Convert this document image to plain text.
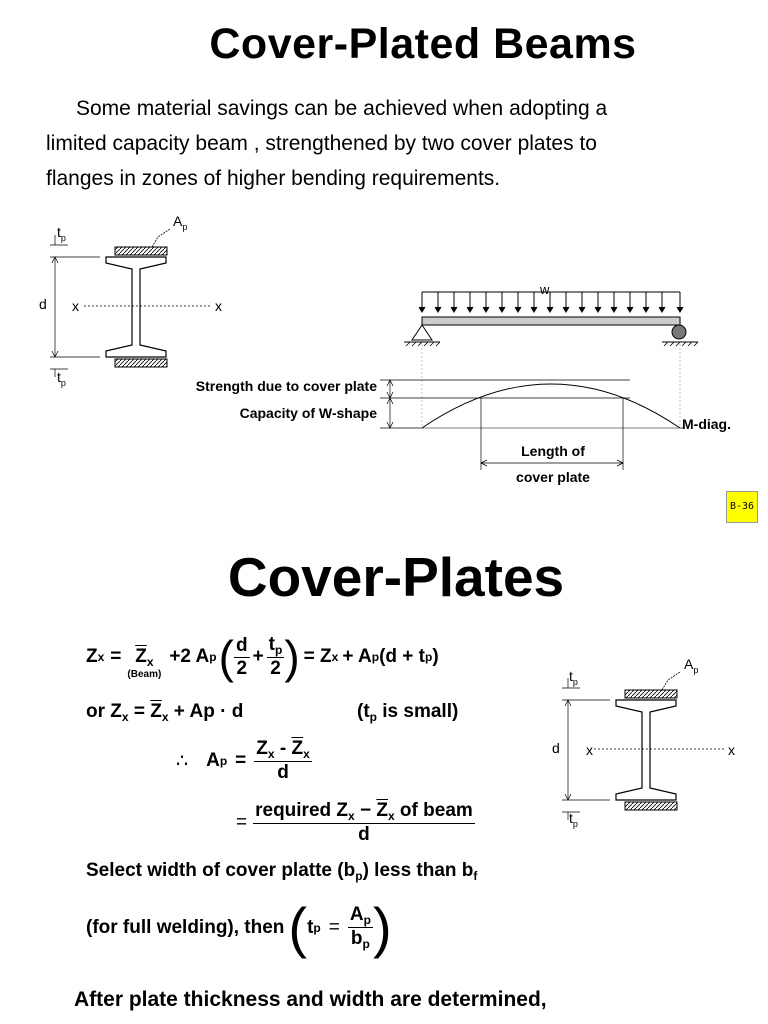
Cover-Plated Beams
Some material savings can be achieved when adopting a
limited capacity beam , strengthened by two cover plates to
flanges in zones of higher bending requirements.
$A_p$
$t_p$
d x	x
$t_p$
w
Strength due to cover plate
Capacity of W-shape
M-diag.
Length of
cover plate
B-36
Cover-Plates
Z $x = \overline{Z}_x$
(Beam)
+2 A p ( $\frac{d}{2} + \frac{t_p}{2}$ ) = Z x + A p (d + t p )
or $Z_x = \overline{Z}_x + Ap \cdot d$	($t_p$ is small)
∴ A $p = \frac{Z_x - \overline{Z}_x}{d}$
= $\frac{required Z_x - \overline{Z}_x of beam}{d}$
Select width of cover platte $(b_p)$ less than $b_f$
(for full welding), then ( t $p = \frac{A_p}{b_p}$ )
$A_p$
$t_p$
d x	x
$t_p$
After plate thickness and width are determined,
